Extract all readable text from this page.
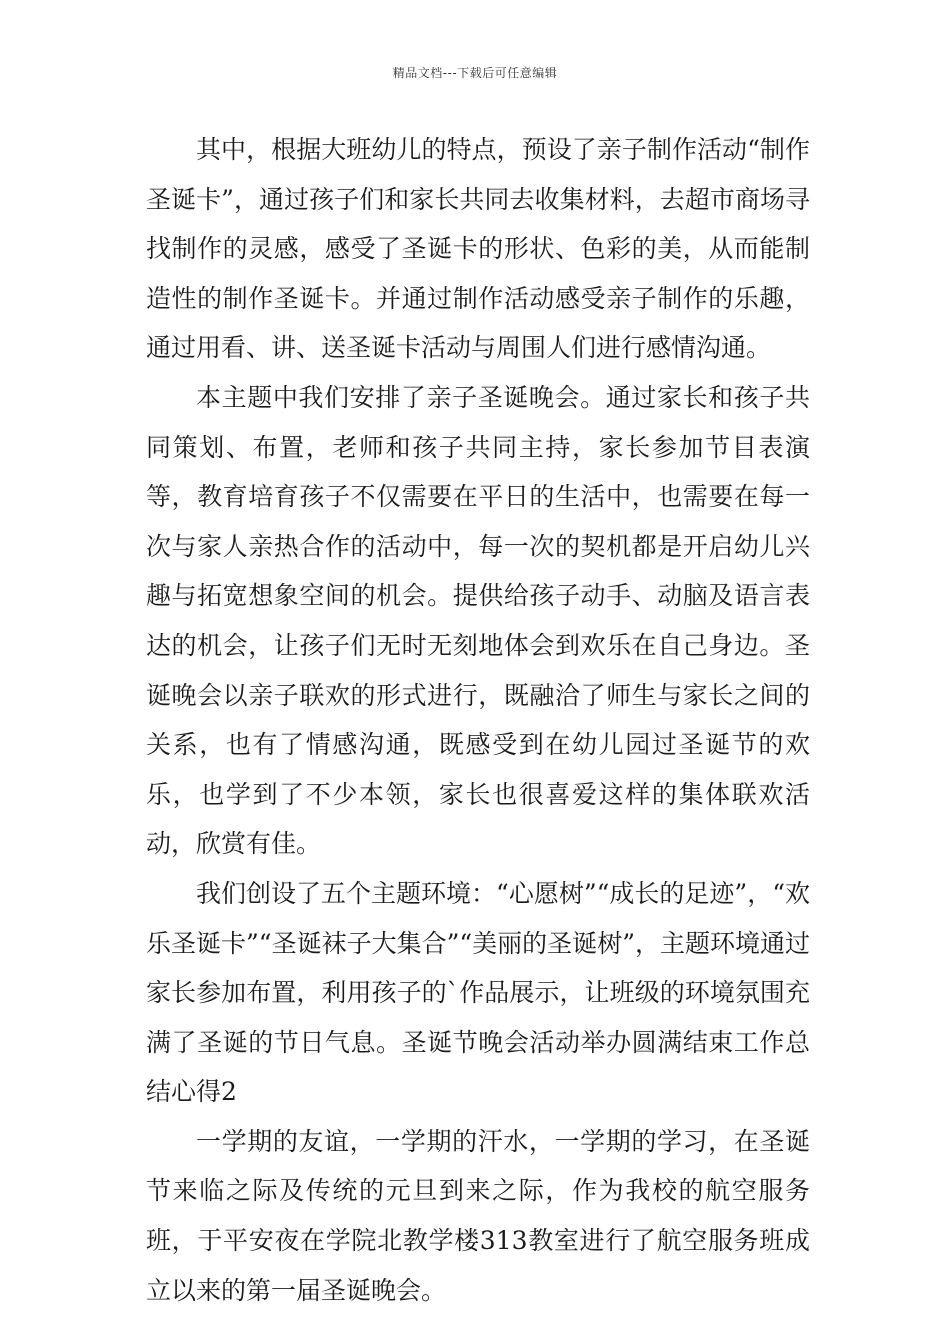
精品文档---下载后可任意编辑

其中，根据大班幼儿的特点，预设了亲子制作活动“制作圣诞卡”，通过孩子们和家长共同去收集材料，去超市商场寻找制作的灵感，感受了圣诞卡的形状、色彩的美，从而能制造性的制作圣诞卡。并通过制作活动感受亲子制作的乐趣，通过用看、讲、送圣诞卡活动与周围人们进行感情沟通。

本主题中我们安排了亲子圣诞晚会。通过家长和孩子共同策划、布置，老师和孩子共同主持，家长参加节目表演等，教育培育孩子不仅需要在平日的生活中，也需要在每一次与家人亲热合作的活动中，每一次的契机都是开启幼儿兴趣与拓宽想象空间的机会。提供给孩子动手、动脑及语言表达的机会，让孩子们无时无刻地体会到欢乐在自己身边。圣诞晚会以亲子联欢的形式进行，既融洽了师生与家长之间的关系，也有了情感沟通，既感受到在幼儿园过圣诞节的欢乐，也学到了不少本领，家长也很喜爱这样的集体联欢活动，欣赏有佳。

我们创设了五个主题环境：“心愿树”“成长的足迹”，“欢乐圣诞卡”“圣诞袜子大集合”“美丽的圣诞树”，主题环境通过家长参加布置，利用孩子的`作品展示，让班级的环境氛围充满了圣诞的节日气息。圣诞节晚会活动举办圆满结束工作总结心得2

一学期的友谊，一学期的汗水，一学期的学习，在圣诞节来临之际及传统的元旦到来之际，作为我校的航空服务班，于平安夜在学院北教学楼313教室进行了航空服务班成立以来的第一届圣诞晚会。
